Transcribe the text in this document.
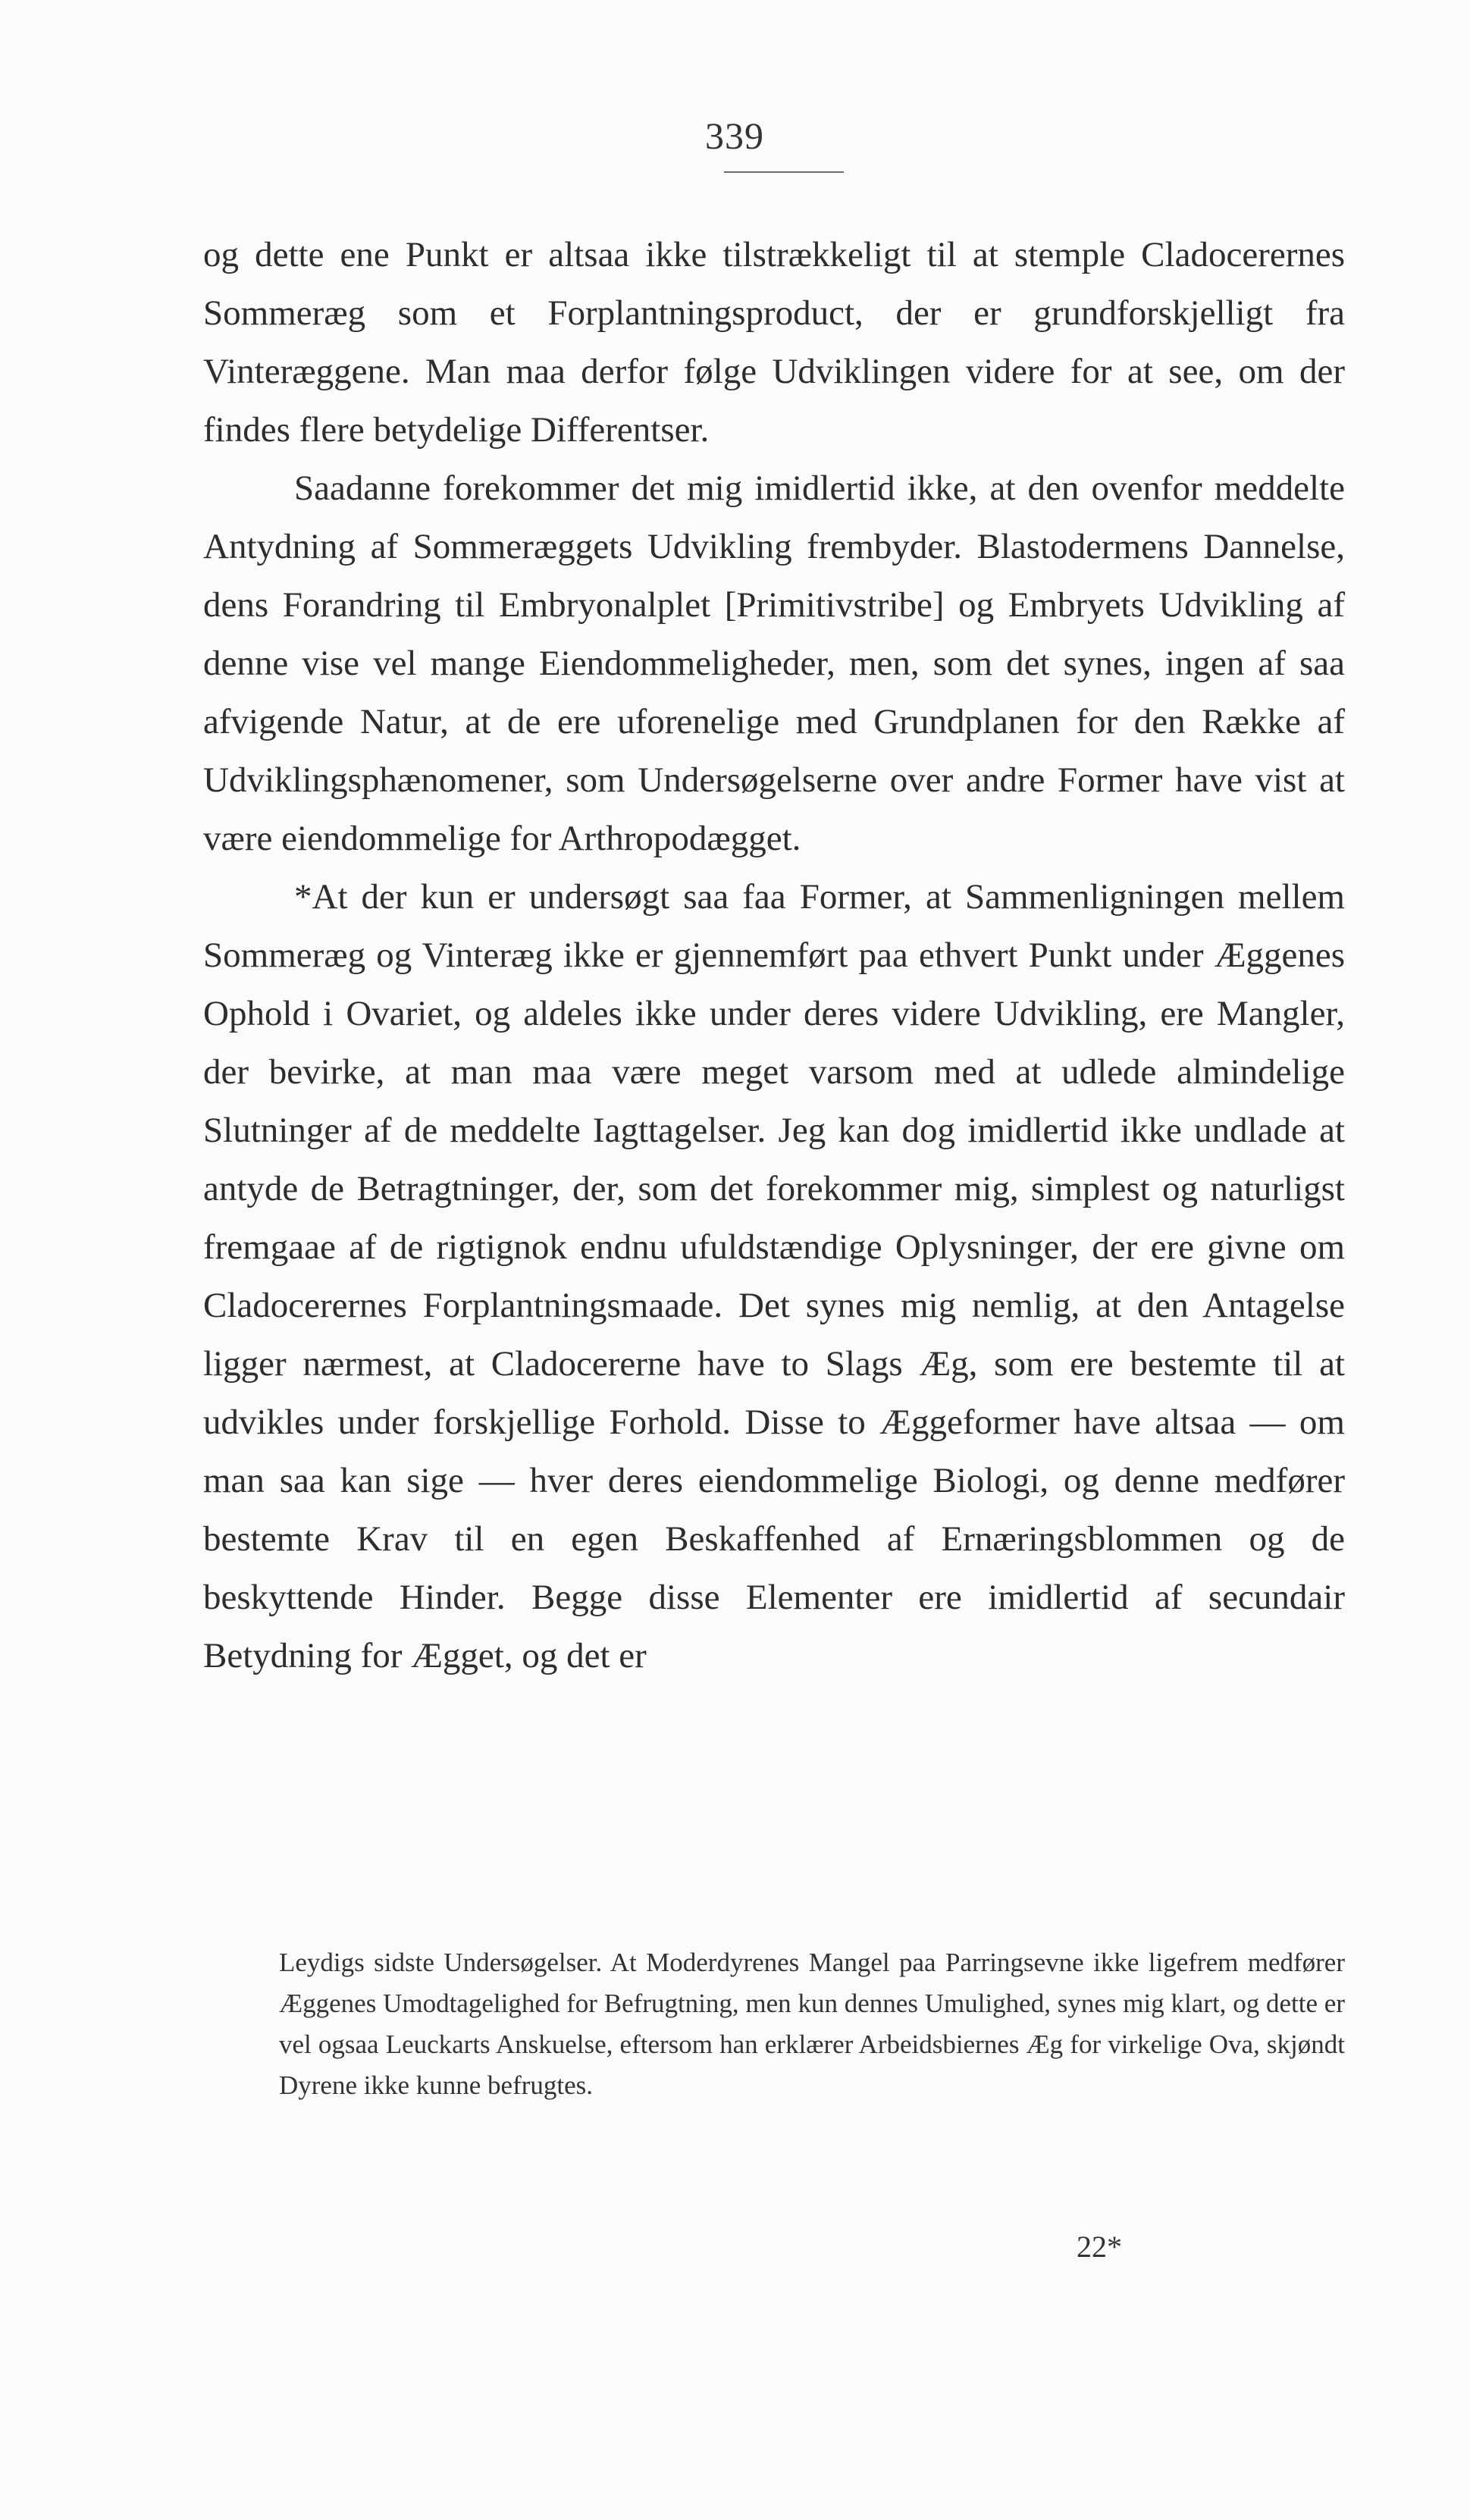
339

og dette ene Punkt er altsaa ikke tilstrækkeligt til at stemple Cladocerernes Sommeræg som et Forplantningsproduct, der er grundforskjelligt fra Vinteræggene. Man maa derfor følge Udviklingen videre for at see, om der findes flere betydelige Differentser.

Saadanne forekommer det mig imidlertid ikke, at den ovenfor meddelte Antydning af Sommeræggets Udvikling frembyder. Blastodermens Dannelse, dens Forandring til Embryonalplet [Primitivstribe] og Embryets Udvikling af denne vise vel mange Eiendommeligheder, men, som det synes, ingen af saa afvigende Natur, at de ere uforenelige med Grundplanen for den Række af Udviklingsphænomener, som Undersøgelserne over andre Former have vist at være eiendommelige for Arthropodægget.

*At der kun er undersøgt saa faa Former, at Sammenligningen mellem Sommeræg og Vinteræg ikke er gjennemført paa ethvert Punkt under Æggenes Ophold i Ovariet, og aldeles ikke under deres videre Udvikling, ere Mangler, der bevirke, at man maa være meget varsom med at udlede almindelige Slutninger af de meddelte Iagttagelser. Jeg kan dog imidlertid ikke undlade at antyde de Betragtninger, der, som det forekommer mig, simplest og naturligst fremgaae af de rigtignok endnu ufuldstændige Oplysninger, der ere givne om Cladocerernes Forplantningsmaade. Det synes mig nemlig, at den Antagelse ligger nærmest, at Cladocererne have to Slags Æg, som ere bestemte til at udvikles under forskjellige Forhold. Disse to Æggeformer have altsaa — om man saa kan sige — hver deres eiendommelige Biologi, og denne medfører bestemte Krav til en egen Beskaffenhed af Ernæringsblommen og de beskyttende Hinder. Begge disse Elementer ere imidlertid af secundair Betydning for Ægget, og det er

Leydigs sidste Undersøgelser. At Moderdyrenes Mangel paa Parringsevne ikke ligefrem medfører Æggenes Umodtagelighed for Befrugtning, men kun dennes Umulighed, synes mig klart, og dette er vel ogsaa Leuckarts Anskuelse, eftersom han erklærer Arbeidsbiernes Æg for virkelige Ova, skjøndt Dyrene ikke kunne befrugtes.

22*
